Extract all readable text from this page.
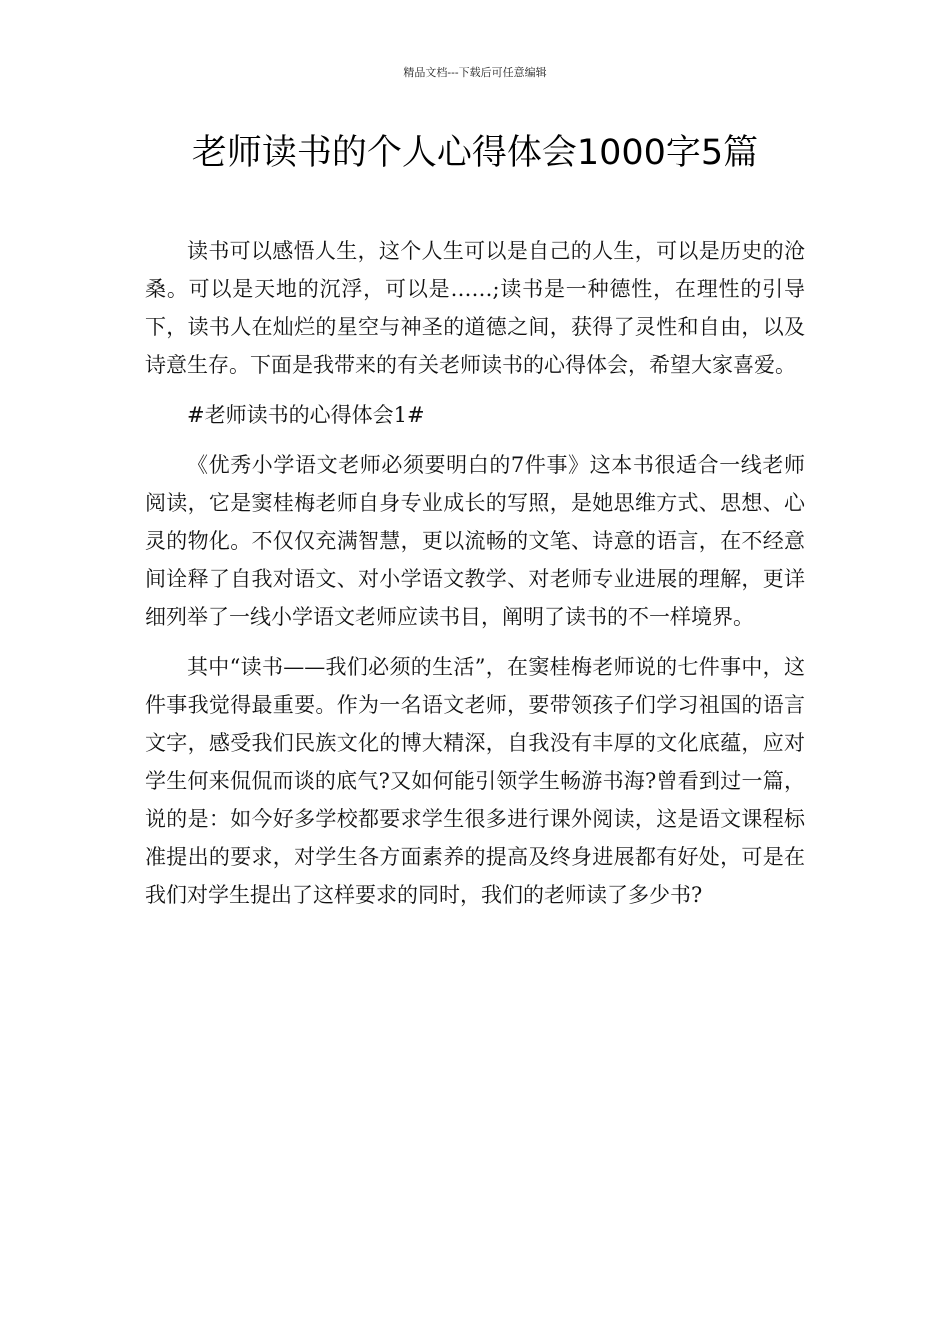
精品文档---下载后可任意编辑
老师读书的个人心得体会1000字5篇

读书可以感悟人生，这个人生可以是自己的人生，可以是历史的沧桑。可以是天地的沉浮，可以是……;读书是一种德性，在理性的引导下，读书人在灿烂的星空与神圣的道德之间，获得了灵性和自由，以及诗意生存。下面是我带来的有关老师读书的心得体会，希望大家喜爱。

#老师读书的心得体会1#

《优秀小学语文老师必须要明白的7件事》这本书很适合一线老师阅读，它是窦桂梅老师自身专业成长的写照，是她思维方式、思想、心灵的物化。不仅仅充满智慧，更以流畅的文笔、诗意的语言，在不经意间诠释了自我对语文、对小学语文教学、对老师专业进展的理解，更详细列举了一线小学语文老师应读书目，阐明了读书的不一样境界。

其中“读书——我们必须的生活”，在窦桂梅老师说的七件事中，这件事我觉得最重要。作为一名语文老师，要带领孩子们学习祖国的语言文字，感受我们民族文化的博大精深，自我没有丰厚的文化底蕴，应对学生何来侃侃而谈的底气?又如何能引领学生畅游书海?曾看到过一篇，说的是：如今好多学校都要求学生很多进行课外阅读，这是语文课程标准提出的要求，对学生各方面素养的提高及终身进展都有好处，可是在我们对学生提出了这样要求的同时，我们的老师读了多少书?
